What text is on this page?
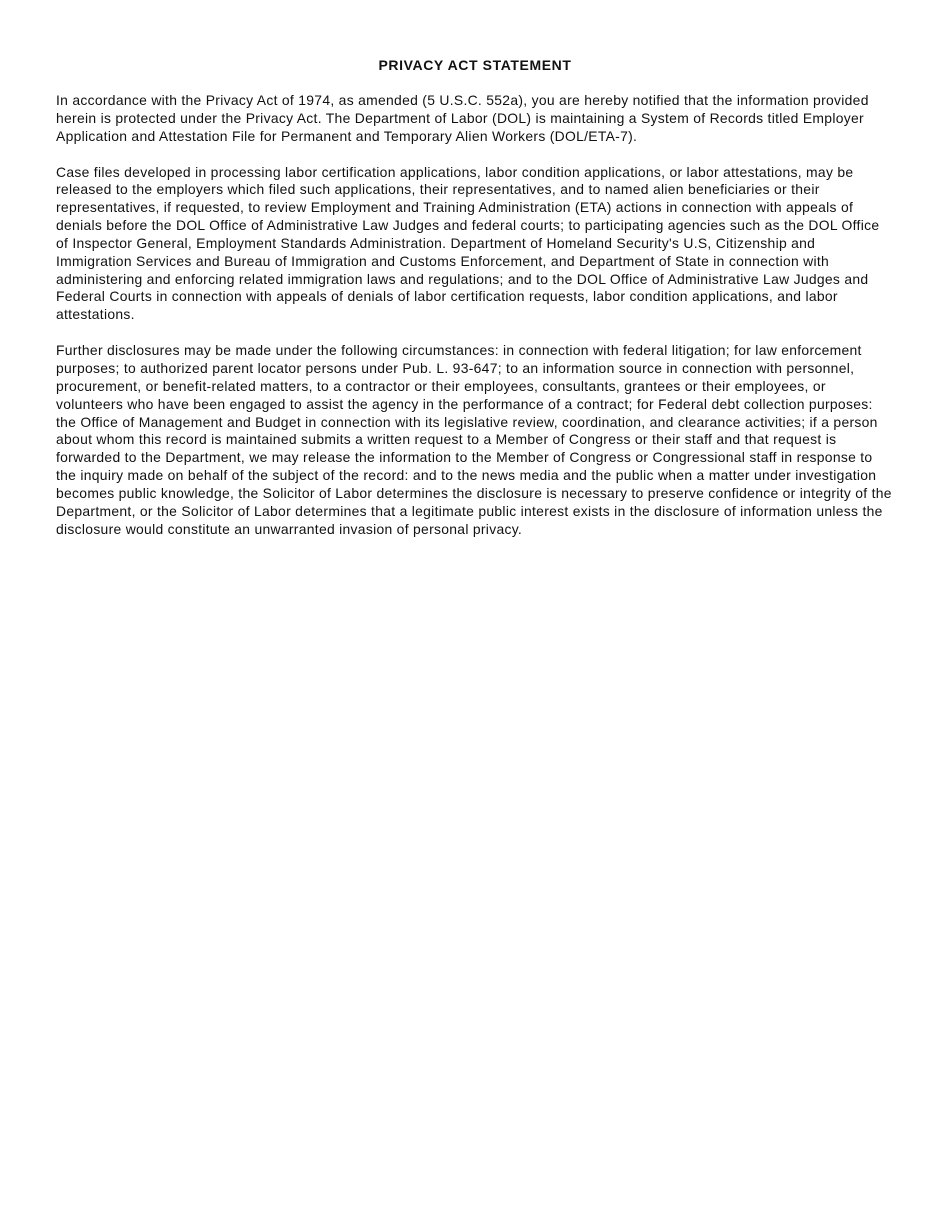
PRIVACY ACT STATEMENT

In accordance with the Privacy Act of 1974, as amended (5 U.S.C. 552a), you are hereby notified that the information provided herein is protected under the Privacy Act. The Department of Labor (DOL) is maintaining a System of Records titled Employer Application and Attestation File for Permanent and Temporary Alien Workers (DOL/ETA-7).

Case files developed in processing labor certification applications, labor condition applications, or labor attestations, may be released to the employers which filed such applications, their representatives, and to named alien beneficiaries or their representatives, if requested, to review Employment and Training Administration (ETA) actions in connection with appeals of denials before the DOL Office of Administrative Law Judges and federal courts; to participating agencies such as the DOL Office of Inspector General, Employment Standards Administration. Department of Homeland Security's U.S, Citizenship and Immigration Services and Bureau of Immigration and Customs Enforcement, and Department of State in connection with administering and enforcing related immigration laws and regulations; and to the DOL Office of Administrative Law Judges and Federal Courts in connection with appeals of denials of labor certification requests, labor condition applications, and labor attestations.

Further disclosures may be made under the following circumstances: in connection with federal litigation; for law enforcement purposes; to authorized parent locator persons under Pub. L. 93-647; to an information source in connection with personnel, procurement, or benefit-related matters, to a contractor or their employees, consultants, grantees or their employees, or volunteers who have been engaged to assist the agency in the performance of a contract; for Federal debt collection purposes: the Office of Management and Budget in connection with its legislative review, coordination, and clearance activities; if a person about whom this record is maintained submits a written request to a Member of Congress or their staff and that request is forwarded to the Department, we may release the information to the Member of Congress or Congressional staff in response to the inquiry made on behalf of the subject of the record: and to the news media and the public when a matter under investigation becomes public knowledge, the Solicitor of Labor determines the disclosure is necessary to preserve confidence or integrity of the Department, or the Solicitor of Labor determines that a legitimate public interest exists in the disclosure of information unless the disclosure would constitute an unwarranted invasion of personal privacy.
